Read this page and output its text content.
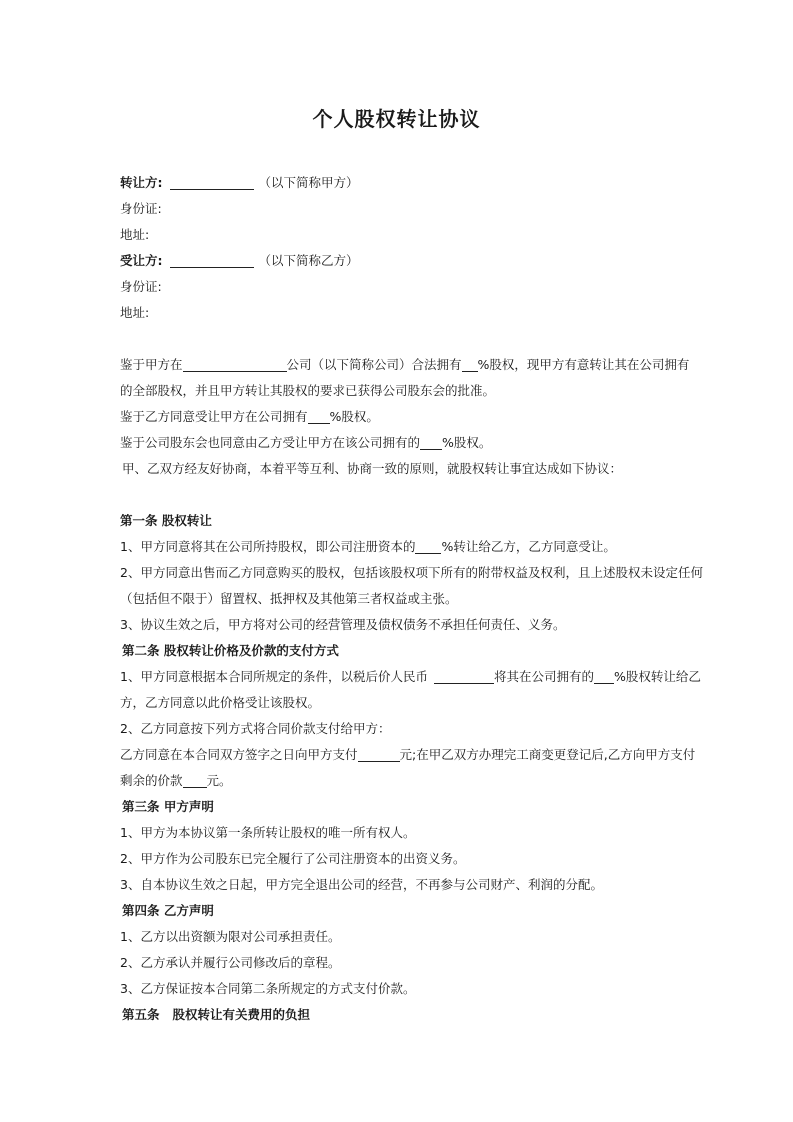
个人股权转让协议
转让方:	（以下简称甲方）
身份证:
地址:
受让方:	（以下简称乙方）
身份证:
地址:
鉴于甲方在	公司（以下简称公司）合法拥有 %股权，现甲方有意转让其在公司拥有
的全部股权，并且甲方转让其股权的要求已获得公司股东会的批准。
鉴于乙方同意受让甲方在公司拥有 %股权。
鉴于公司股东会也同意由乙方受让甲方在该公司拥有的 %股权。
甲、乙双方经友好协商，本着平等互利、协商一致的原则，就股权转让事宜达成如下协议：
第一条 股权转让
1、甲方同意将其在公司所持股权，即公司注册资本的 %转让给乙方，乙方同意受让。
2、甲方同意出售而乙方同意购买的股权，包括该股权项下所有的附带权益及权利，且上述股权未设定任何
（包括但不限于）留置权、抵押权及其他第三者权益或主张。
3、协议生效之后，甲方将对公司的经营管理及债权债务不承担任何责任、义务。
第二条 股权转让价格及价款的支付方式
1、甲方同意根据本合同所规定的条件，以税后价人民币	将其在公司拥有的 %股权转让给乙
方，乙方同意以此价格受让该股权。
2、乙方同意按下列方式将合同价款支付给甲方：
乙方同意在本合同双方签字之日向甲方支付	元;在甲乙双方办理完工商变更登记后,乙方向甲方支付
剩余的价款 元。
第三条 甲方声明
1、甲方为本协议第一条所转让股权的唯一所有权人。
2、甲方作为公司股东已完全履行了公司注册资本的出资义务。
3、自本协议生效之日起，甲方完全退出公司的经营，不再参与公司财产、利润的分配。
第四条 乙方声明
1、乙方以出资额为限对公司承担责任。
2、乙方承认并履行公司修改后的章程。
3、乙方保证按本合同第二条所规定的方式支付价款。
第五条   股权转让有关费用的负担
